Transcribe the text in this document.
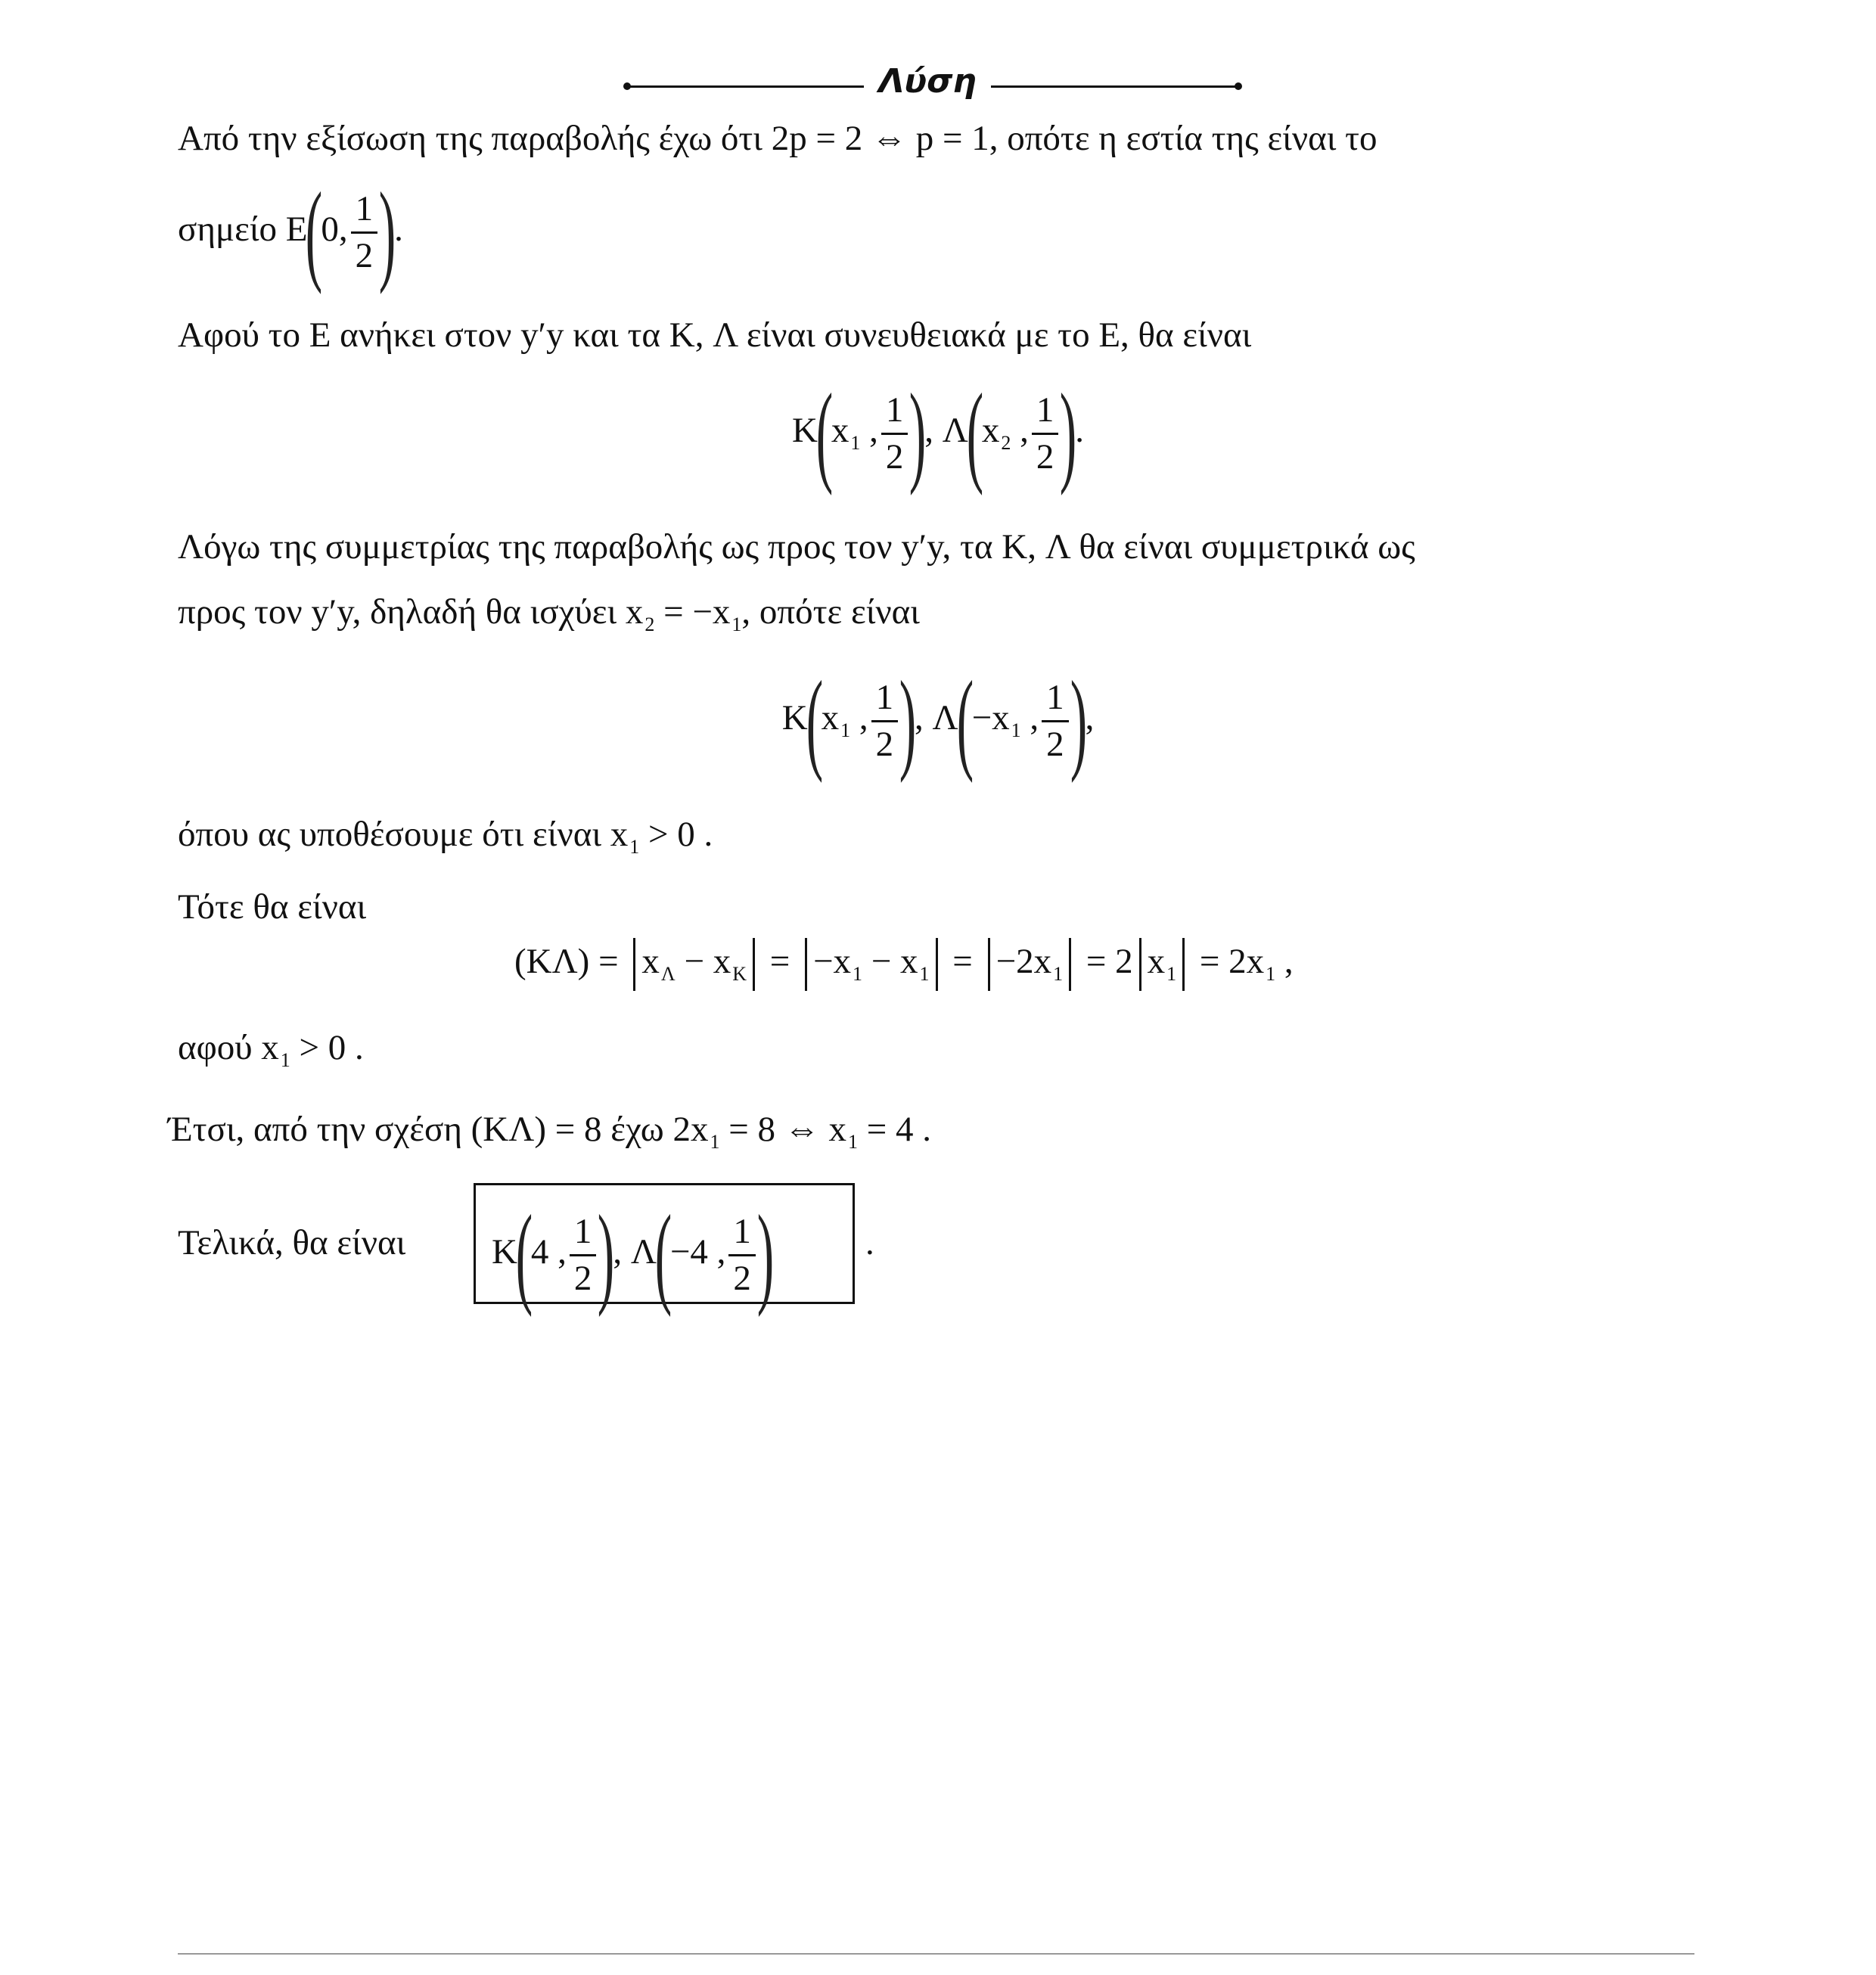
Λύση
Από την εξίσωση της παραβολής έχω ότι 2p = 2 ⇔ p = 1, οπότε η εστία της είναι το
σημείο E(0, $\frac{1}{2}$ ).
Αφού το E ανήκει στον y′y και τα K, Λ είναι συνευθειακά με το E, θα είναι
$K(x_1$ , $\frac{1}{2}$ ), $\Lambda(x_2$ , $\frac{1}{2}$ ).
Λόγω της συμμετρίας της παραβολής ως προς τον y′y, τα K, Λ θα είναι συμμετρικά ως
προς τον y′y, δηλαδή θα ισχύει $x_2 = -x_1$, οπότε είναι
$K(x_1$ , $\frac{1}{2}$ ), $\Lambda(-x_1$ , $\frac{1}{2}$ ),
όπου ας υποθέσουμε ότι είναι $x_1 > 0$ .
Τότε θα είναι
$(K\Lambda) = x_\Lambda - x_K = -x_1 - x_1 = -2x_1 = 2$ $x_1 = 2x_1$ ,
αφού $x_1 > 0$ .
Έτσι, από την σχέση (KΛ) = 8 έχω $2x_1 = 8$ ⇔ $x_1 = 4$ .
Τελικά, θα είναι K(4 , $\frac{1}{2}$ ), Λ(−4 , $\frac{1}{2}$ )	.
